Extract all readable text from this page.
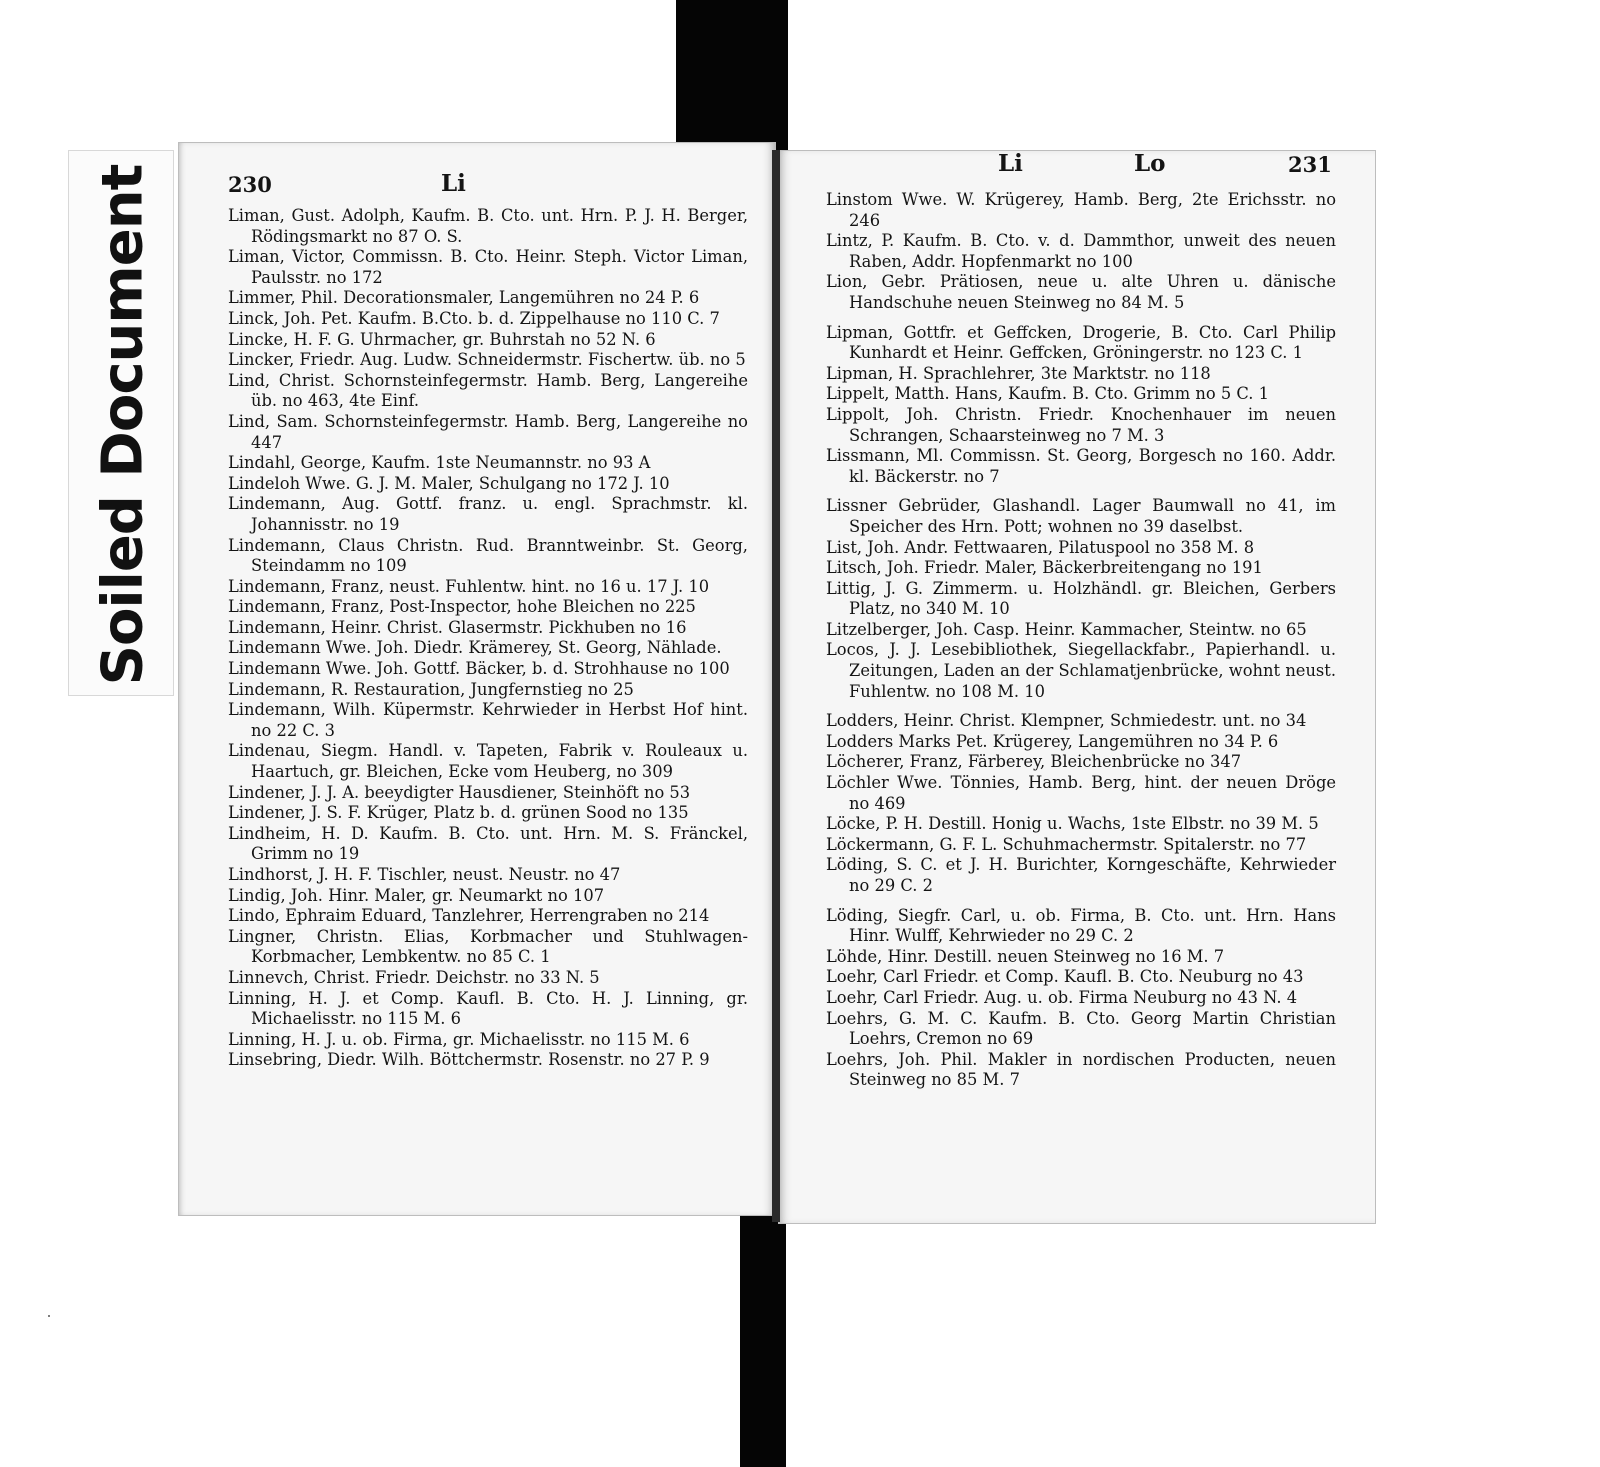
Soiled Document	230	Li
Li	Lo	231
Liman, Gust. Adolph, Kaufm. B. Cto. unt. Hrn. P. J. H. Berger, Rödingsmarkt no 87 O. S.
Liman, Victor, Commissn. B. Cto. Heinr. Steph. Victor Liman, Paulsstr. no 172
Limmer, Phil. Decorationsmaler, Langemühren no 24 P. 6
Linck, Joh. Pet. Kaufm. B.Cto. b. d. Zippelhause no 110 C. 7
Lincke, H. F. G. Uhrmacher, gr. Buhrstah no 52 N. 6
Lincker, Friedr. Aug. Ludw. Schneidermstr. Fischertw. üb. no 5
Lind, Christ. Schornsteinfegermstr. Hamb. Berg, Langereihe üb. no 463, 4te Einf.
Lind, Sam. Schornsteinfegermstr. Hamb. Berg, Langereihe no 447
Lindahl, George, Kaufm. 1ste Neumannstr. no 93 A
Lindeloh Wwe. G. J. M. Maler, Schulgang no 172 J. 10
Lindemann, Aug. Gottf. franz. u. engl. Sprachmstr. kl. Johannisstr. no 19
Lindemann, Claus Christn. Rud. Branntweinbr. St. Georg, Steindamm no 109
Lindemann, Franz, neust. Fuhlentw. hint. no 16 u. 17 J. 10
Lindemann, Franz, Post-Inspector, hohe Bleichen no 225
Lindemann, Heinr. Christ. Glasermstr. Pickhuben no 16
Lindemann Wwe. Joh. Diedr. Krämerey, St. Georg, Nählade.
Lindemann Wwe. Joh. Gottf. Bäcker, b. d. Strohhause no 100
Lindemann, R. Restauration, Jungfernstieg no 25
Lindemann, Wilh. Küpermstr. Kehrwieder in Herbst Hof hint. no 22 C. 3
Lindenau, Siegm. Handl. v. Tapeten, Fabrik v. Rouleaux u. Haartuch, gr. Bleichen, Ecke vom Heuberg, no 309
Lindener, J. J. A. beeydigter Hausdiener, Steinhöft no 53
Lindener, J. S. F. Krüger, Platz b. d. grünen Sood no 135
Lindheim, H. D. Kaufm. B. Cto. unt. Hrn. M. S. Fränckel, Grimm no 19
Lindhorst, J. H. F. Tischler, neust. Neustr. no 47
Lindig, Joh. Hinr. Maler, gr. Neumarkt no 107
Lindo, Ephraim Eduard, Tanzlehrer, Herrengraben no 214
Lingner, Christn. Elias, Korbmacher und Stuhlwagen-Korbmacher, Lembkentw. no 85 C. 1
Linnevch, Christ. Friedr. Deichstr. no 33 N. 5
Linning, H. J. et Comp. Kaufl. B. Cto. H. J. Linning, gr. Michaelisstr. no 115 M. 6
Linning, H. J. u. ob. Firma, gr. Michaelisstr. no 115 M. 6
Linsebring, Diedr. Wilh. Böttchermstr. Rosenstr. no 27 P. 9
Linstom Wwe. W. Krügerey, Hamb. Berg, 2te Erichsstr. no 246
Lintz, P. Kaufm. B. Cto. v. d. Dammthor, unweit des neuen Raben, Addr. Hopfenmarkt no 100
Lion, Gebr. Prätiosen, neue u. alte Uhren u. dänische Handschuhe neuen Steinweg no 84 M. 5
Lipman, Gottfr. et Geffcken, Drogerie, B. Cto. Carl Philip Kunhardt et Heinr. Geffcken, Gröningerstr. no 123 C. 1
Lipman, H. Sprachlehrer, 3te Marktstr. no 118
Lippelt, Matth. Hans, Kaufm. B. Cto. Grimm no 5 C. 1
Lippolt, Joh. Christn. Friedr. Knochenhauer im neuen Schrangen, Schaarsteinweg no 7 M. 3
Lissmann, Ml. Commissn. St. Georg, Borgesch no 160. Addr. kl. Bäckerstr. no 7
Lissner Gebrüder, Glashandl. Lager Baumwall no 41, im Speicher des Hrn. Pott; wohnen no 39 daselbst.
List, Joh. Andr. Fettwaaren, Pilatuspool no 358 M. 8
Litsch, Joh. Friedr. Maler, Bäckerbreitengang no 191
Littig, J. G. Zimmerm. u. Holzhändl. gr. Bleichen, Gerbers Platz, no 340 M. 10
Litzelberger, Joh. Casp. Heinr. Kammacher, Steintw. no 65
Locos, J. J. Lesebibliothek, Siegellackfabr., Papierhandl. u. Zeitungen, Laden an der Schlamatjenbrücke, wohnt neust. Fuhlentw. no 108 M. 10
Lodders, Heinr. Christ. Klempner, Schmiedestr. unt. no 34
Lodders Marks Pet. Krügerey, Langemühren no 34 P. 6
Löcherer, Franz, Färberey, Bleichenbrücke no 347
Löchler Wwe. Tönnies, Hamb. Berg, hint. der neuen Dröge no 469
Löcke, P. H. Destill. Honig u. Wachs, 1ste Elbstr. no 39 M. 5
Löckermann, G. F. L. Schuhmachermstr. Spitalerstr. no 77
Löding, S. C. et J. H. Burichter, Korngeschäfte, Kehrwieder no 29 C. 2
Löding, Siegfr. Carl, u. ob. Firma, B. Cto. unt. Hrn. Hans Hinr. Wulff, Kehrwieder no 29 C. 2
Löhde, Hinr. Destill. neuen Steinweg no 16 M. 7
Loehr, Carl Friedr. et Comp. Kaufl. B. Cto. Neuburg no 43
Loehr, Carl Friedr. Aug. u. ob. Firma Neuburg no 43 N. 4
Loehrs, G. M. C. Kaufm. B. Cto. Georg Martin Christian Loehrs, Cremon no 69
Loehrs, Joh. Phil. Makler in nordischen Producten, neuen Steinweg no 85 M. 7
